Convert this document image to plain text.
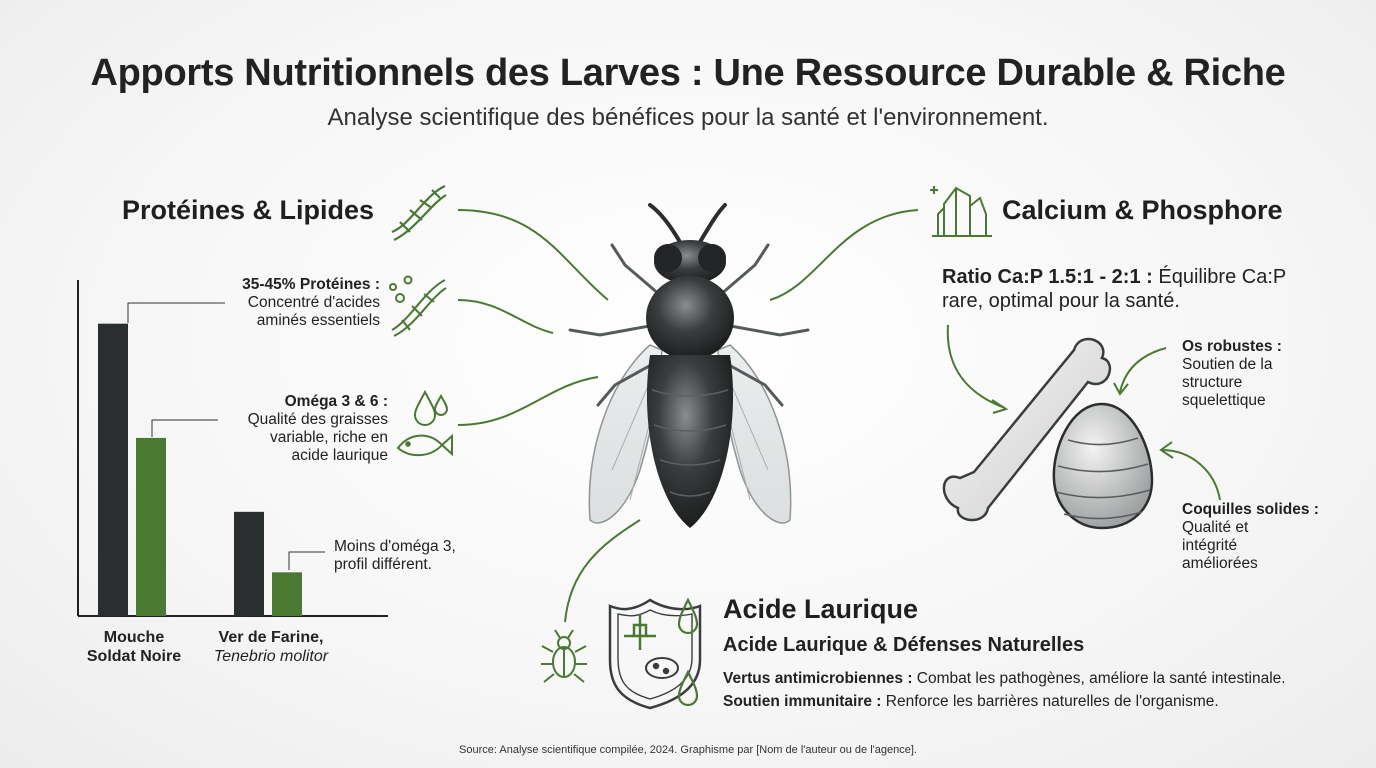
Apports Nutritionnels des Larves : Une Ressource Durable & Riche
Analyse scientifique des bénéfices pour la santé et l'environnement.
Protéines & Lipides
35-45% Protéines :
Concentré d'acides
aminés essentiels
Oméga 3 & 6 :
Qualité des graisses
variable, riche en
acide laurique
Moins d'oméga 3,
profil différent.
Mouche
Soldat Noire
Ver de Farine,
Tenebrio molitor
Calcium & Phosphore
Ratio Ca:P 1.5:1 - 2:1 : Équilibre Ca:P
rare, optimal pour la santé.
Os robustes :
Soutien de la
structure
squelettique
Coquilles solides :
Qualité et
intégrité
améliorées
Acide Laurique
Acide Laurique & Défenses Naturelles
Vertus antimicrobiennes : Combat les pathogènes, améliore la santé intestinale.
Soutien immunitaire : Renforce les barrières naturelles de l'organisme.
Source: Analyse scientifique compilée, 2024. Graphisme par [Nom de l'auteur ou de l'agence].
